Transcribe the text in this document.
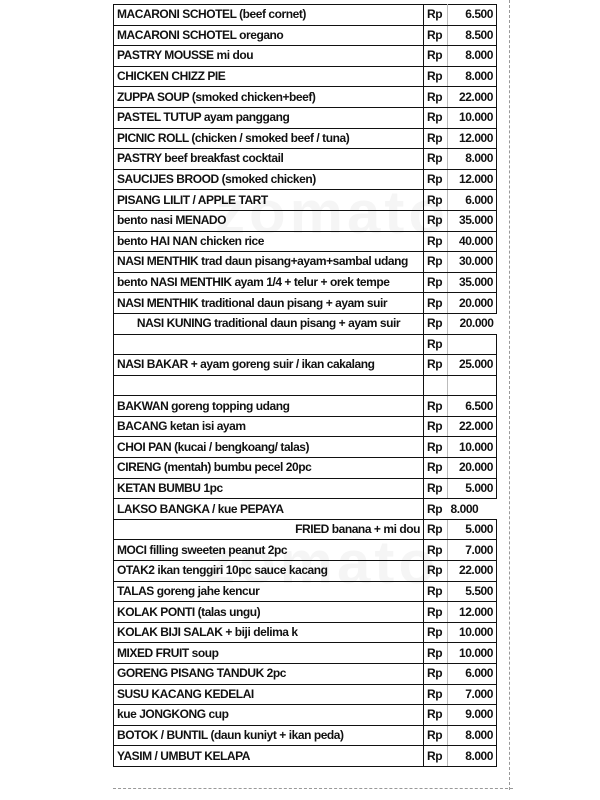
MACARONI SCHOTEL (beef cornet)	Rp	6.500
MACARONI SCHOTEL oregano	Rp	8.500
PASTRY MOUSSE mi dou	Rp	8.000
CHICKEN CHIZZ PIE	Rp	8.000
ZUPPA SOUP (smoked chicken+beef)	Rp	22.000
PASTEL TUTUP ayam panggang	Rp	10.000
PICNIC ROLL (chicken / smoked beef / tuna)	Rp	12.000
PASTRY beef breakfast cocktail	Rp	8.000
SAUCIJES BROOD (smoked chicken)	Rp	12.000
PISANG LILIT / APPLE TART	Rp	6.000
bento nasi MENADO	Rp	35.000
bento HAI NAN chicken rice	Rp	40.000
NASI MENTHIK trad daun pisang+ayam+sambal udang	Rp	30.000
bento NASI MENTHIK ayam 1/4 + telur + orek tempe	Rp	35.000
NASI MENTHIK traditional daun pisang + ayam suir	Rp	20.000
NASI KUNING traditional daun pisang + ayam suir	Rp	20.000
	Rp	
NASI BAKAR + ayam goreng suir / ikan cakalang	Rp	25.000

BAKWAN goreng topping udang	Rp	6.500
BACANG ketan isi ayam	Rp	22.000
CHOI PAN (kucai / bengkoang/ talas)	Rp	10.000
CIRENG (mentah) bumbu pecel 20pc	Rp	20.000
KETAN BUMBU 1pc	Rp	5.000
LAKSO BANGKA / kue PEPAYA	Rp	8.000
FRIED banana + mi dou	Rp	5.000
MOCI filling sweeten peanut 2pc	Rp	7.000
OTAK2 ikan tenggiri 10pc sauce kacang	Rp	22.000
TALAS goreng jahe kencur	Rp	5.500
KOLAK PONTI (talas ungu)	Rp	12.000
KOLAK BIJI SALAK + biji delima k	Rp	10.000
MIXED FRUIT soup	Rp	10.000
GORENG PISANG TANDUK 2pc	Rp	6.000
SUSU KACANG KEDELAI	Rp	7.000
kue JONGKONG cup	Rp	9.000
BOTOK / BUNTIL (daun kuniyt + ikan peda)	Rp	8.000
YASIM / UMBUT KELAPA	Rp	8.000
